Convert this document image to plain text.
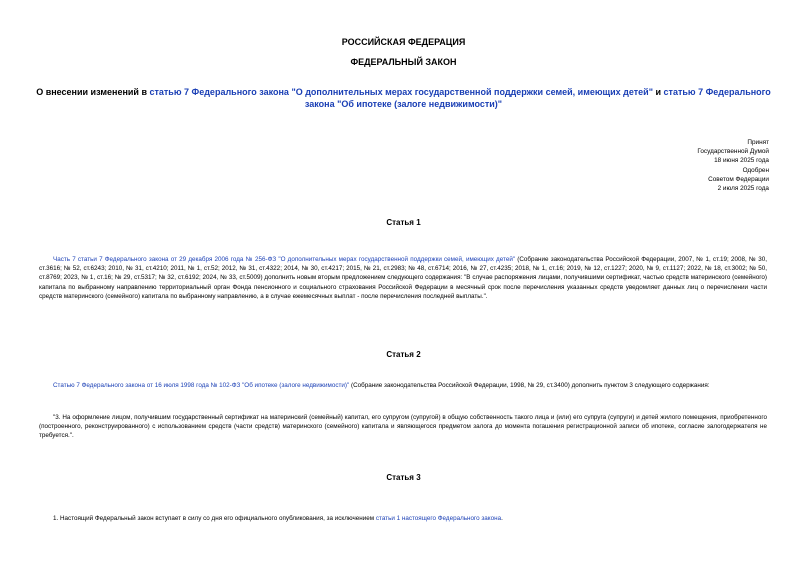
РОССИЙСКАЯ ФЕДЕРАЦИЯ
ФЕДЕРАЛЬНЫЙ ЗАКОН
О внесении изменений в статью 7 Федерального закона "О дополнительных мерах государственной поддержки семей, имеющих детей" и статью 7 Федерального закона "Об ипотеке (залоге недвижимости)"
Принят
Государственной Думой
18 июня 2025 года
Одобрен
Советом Федерации
2 июля 2025 года
Статья 1

Часть 7 статьи 7 Федерального закона от 29 декабря 2006 года № 256-ФЗ "О дополнительных мерах государственной поддержки семей, имеющих детей" (Собрание законодательства Российской Федерации, 2007, № 1, ст.19; 2008, № 30, ст.3616; № 52, ст.6243; 2010, № 31, ст.4210; 2011, № 1, ст.52; 2012, № 31, ст.4322; 2014, № 30, ст.4217; 2015, № 21, ст.2983; № 48, ст.6714; 2016, № 27, ст.4235; 2018, № 1, ст.16; 2019, № 12, ст.1227; 2020, № 9, ст.1127; 2022, № 18, ст.3002; № 50, ст.8769; 2023, № 1, ст.16; № 29, ст.5317; № 32, ст.6192; 2024, № 33, ст.5009) дополнить новым вторым предложением следующего содержания: "В случае распоряжения лицами, получившими сертификат, частью средств материнского (семейного) капитала по выбранному направлению территориальный орган Фонда пенсионного и социального страхования Российской Федерации в месячный срок после перечисления указанных средств уведомляет данных лиц о перечислении части средств материнского (семейного) капитала по выбранному направлению, а в случае ежемесячных выплат - после перечисления последней выплаты.".

Статья 2

Статью 7 Федерального закона от 16 июля 1998 года № 102-ФЗ "Об ипотеке (залоге недвижимости)" (Собрание законодательства Российской Федерации, 1998, № 29, ст.3400) дополнить пунктом 3 следующего содержания:

"3. На оформление лицом, получившим государственный сертификат на материнский (семейный) капитал, его супругом (супругой) в общую собственность такого лица и (или) его супруга (супруги) и детей жилого помещения, приобретенного (построенного, реконструированного) с использованием средств (части средств) материнского (семейного) капитала и являющегося предметом залога до момента погашения регистрационной записи об ипотеке, согласие залогодержателя не требуется.".

Статья 3

1. Настоящий Федеральный закон вступает в силу со дня его официального опубликования, за исключением статьи 1 настоящего Федерального закона.
